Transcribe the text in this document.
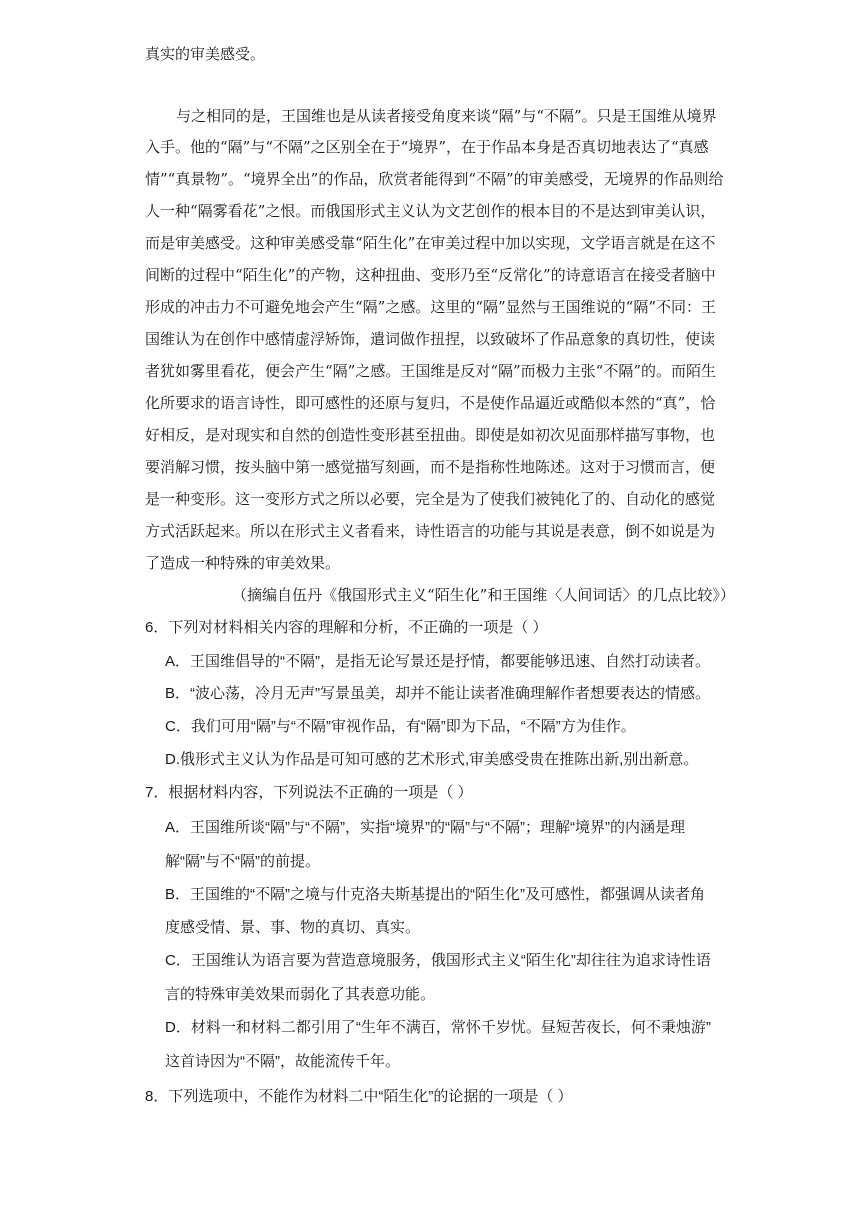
真实的审美感受。
与之相同的是，王国维也是从读者接受角度来谈“隔”与“不隔”。只是王国维从境界
入手。他的“隔”与“不隔”之区别全在于“境界”，在于作品本身是否真切地表达了“真感
情”“真景物”。“境界全出”的作品，欣赏者能得到“不隔”的审美感受，无境界的作品则给
人一种“隔雾看花”之恨。而俄国形式主义认为文艺创作的根本目的不是达到审美认识，
而是审美感受。这种审美感受靠“陌生化”在审美过程中加以实现，文学语言就是在这不
间断的过程中“陌生化”的产物，这种扭曲、变形乃至“反常化”的诗意语言在接受者脑中
形成的冲击力不可避免地会产生“隔”之感。这里的“隔”显然与王国维说的“隔”不同：王
国维认为在创作中感情虚浮矫饰，遣词做作扭捏，以致破坏了作品意象的真切性，使读
者犹如雾里看花，便会产生“隔”之感。王国维是反对“隔”而极力主张“不隔”的。而陌生
化所要求的语言诗性，即可感性的还原与复归，不是使作品逼近或酷似本然的“真”，恰
好相反，是对现实和自然的创造性变形甚至扭曲。即使是如初次见面那样描写事物，也
要消解习惯，按头脑中第一感觉描写刻画，而不是指称性地陈述。这对于习惯而言，便
是一种变形。这一变形方式之所以必要，完全是为了使我们被钝化了的、自动化的感觉
方式活跃起来。所以在形式主义者看来，诗性语言的功能与其说是表意，倒不如说是为
了造成一种特殊的审美效果。
（摘编自伍丹《俄国形式主义“陌生化”和王国维〈人间词话〉的几点比较》）
6．下列对材料相关内容的理解和分析，不正确的一项是（ ）
A．王国维倡导的“不隔”，是指无论写景还是抒情，都要能够迅速、自然打动读者。
B．“波心荡，冷月无声”写景虽美，却并不能让读者准确理解作者想要表达的情感。
C．我们可用“隔”与“不隔”审视作品，有“隔”即为下品，“不隔”方为佳作。
D.俄形式主义认为作品是可知可感的艺术形式,审美感受贵在推陈出新,别出新意。
7．根据材料内容，下列说法不正确的一项是（ ）
A．王国维所谈“隔”与“不隔”，实指“境界”的“隔”与“不隔”；理解“境界”的内涵是理
解“隔”与不“隔”的前提。
B．王国维的“不隔”之境与什克洛夫斯基提出的“陌生化”及可感性，都强调从读者角
度感受情、景、事、物的真切、真实。
C．王国维认为语言要为营造意境服务，俄国形式主义“陌生化”却往往为追求诗性语
言的特殊审美效果而弱化了其表意功能。
D．材料一和材料二都引用了“生年不满百，常怀千岁忧。昼短苦夜长，何不秉烛游”
这首诗因为“不隔”，故能流传千年。
8．下列选项中，不能作为材料二中“陌生化”的论据的一项是（ ）
